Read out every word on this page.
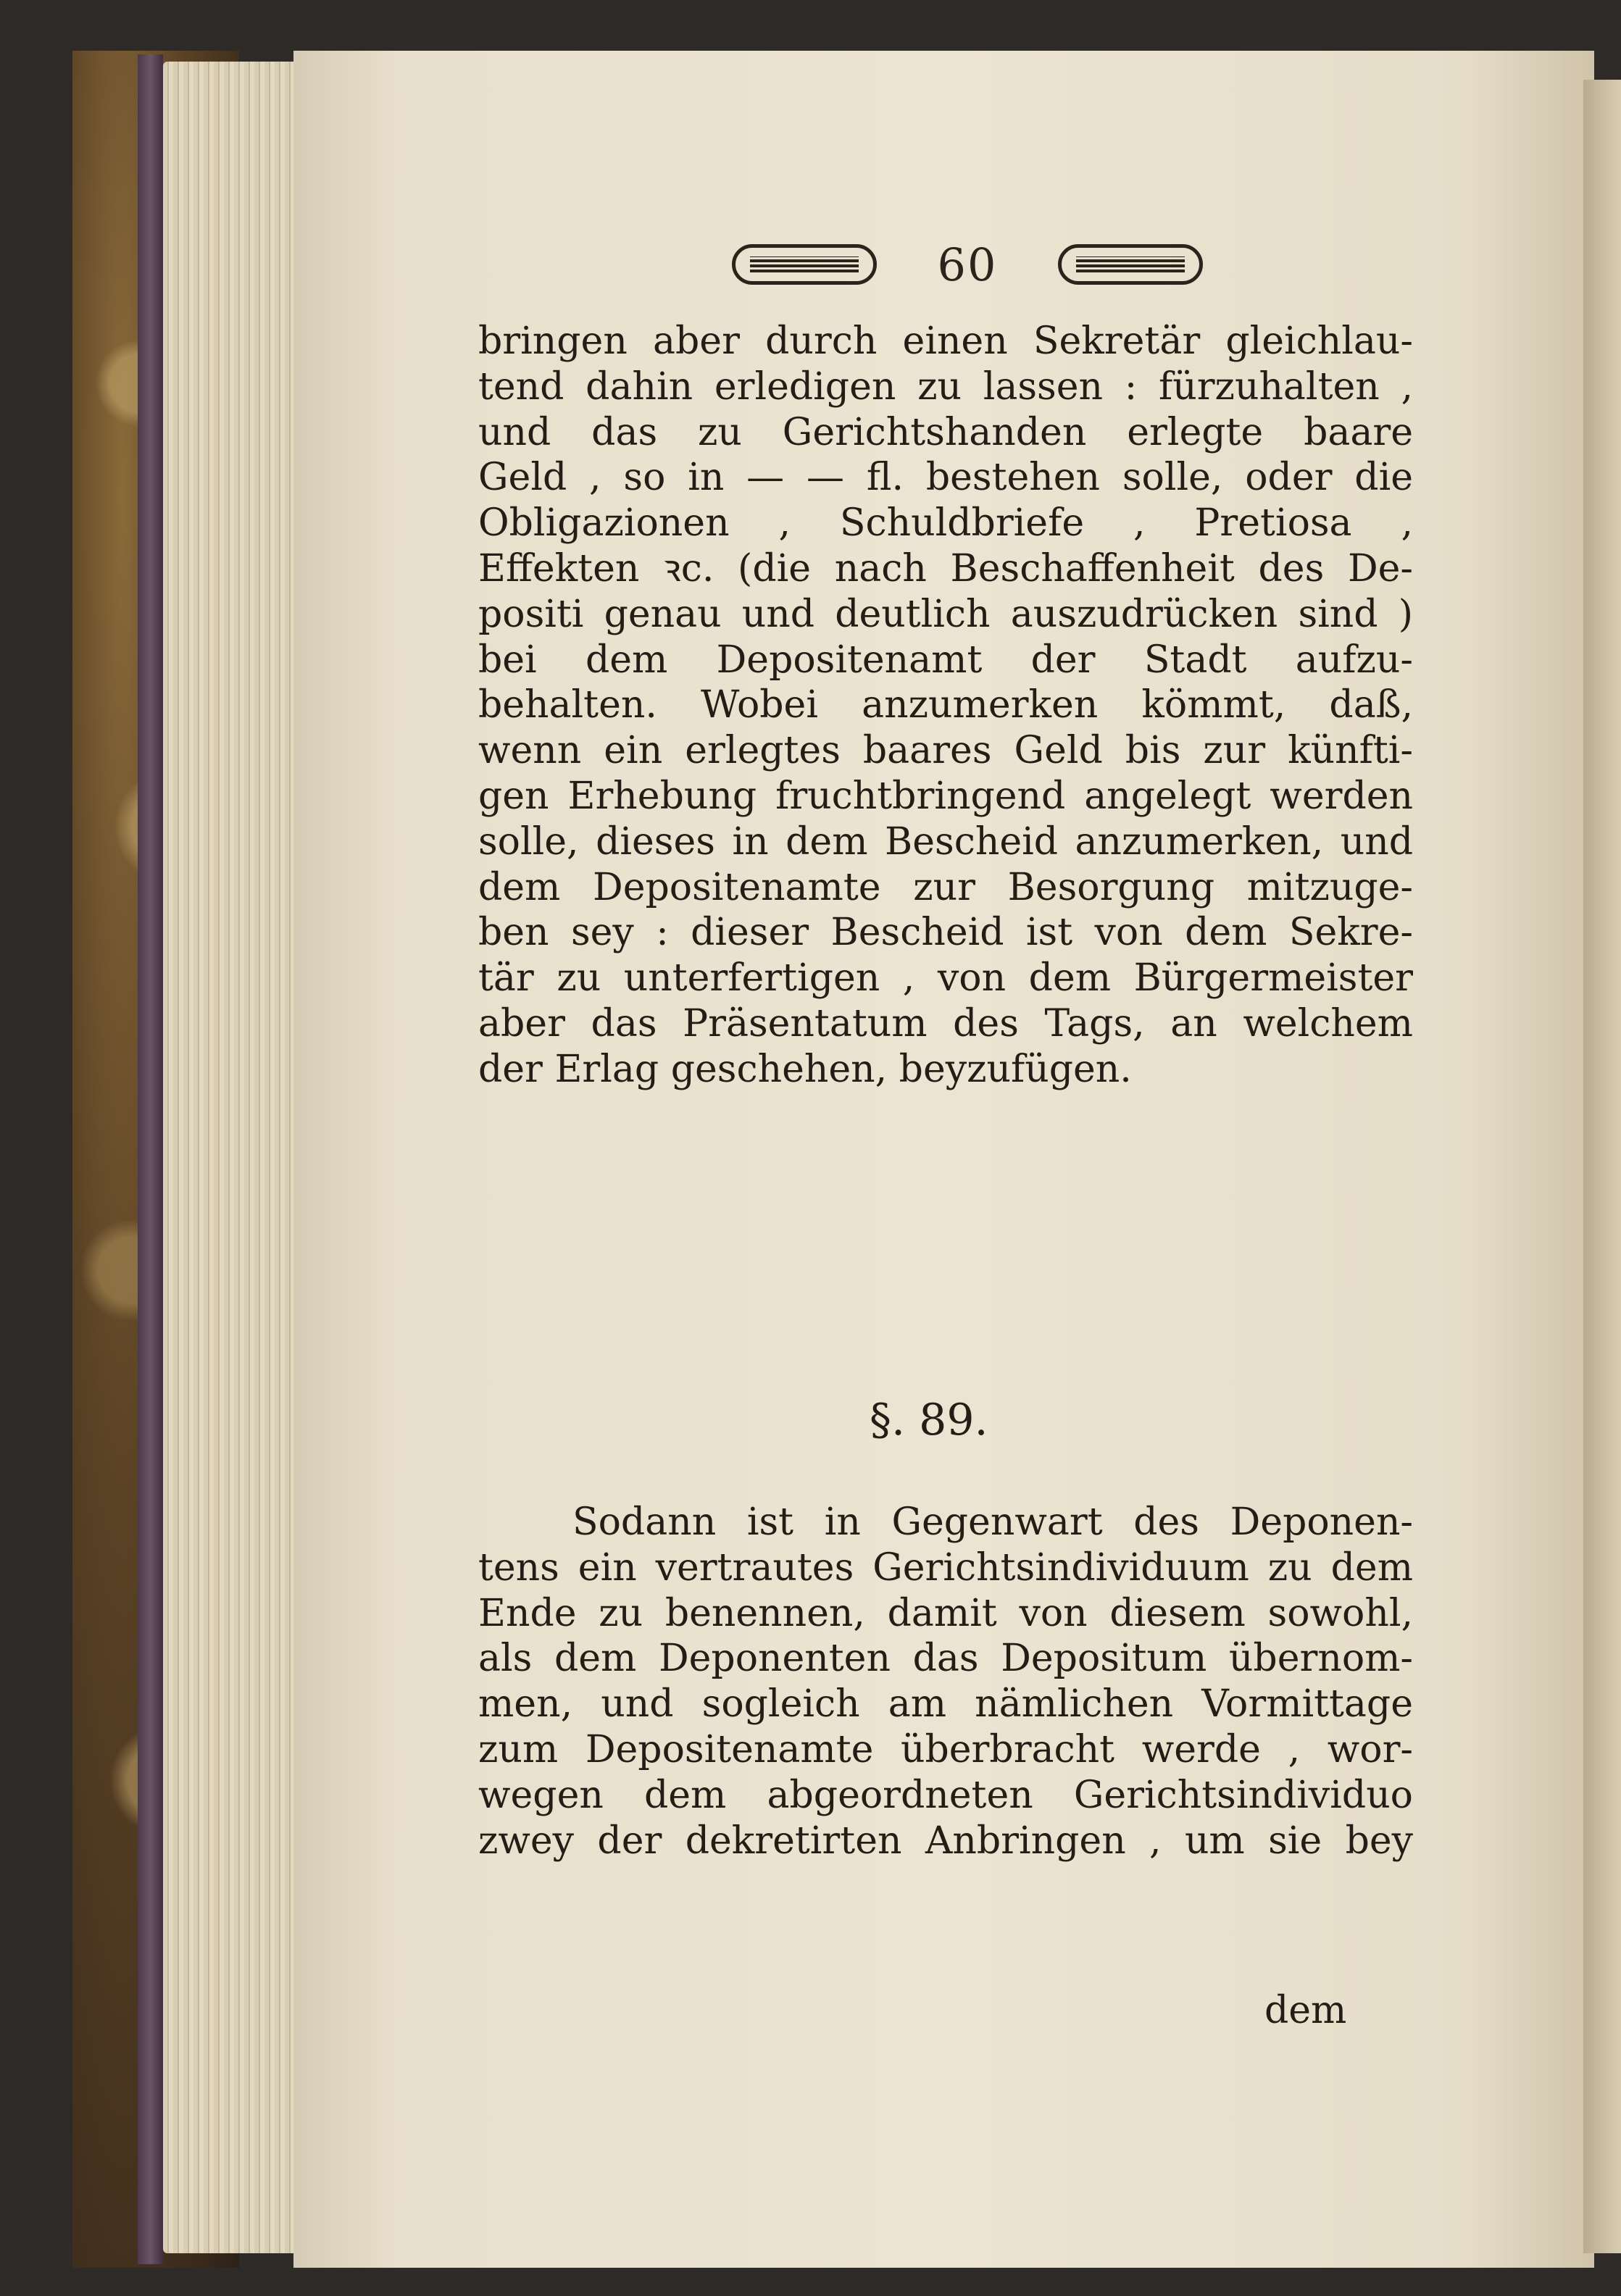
60
bringen aber durch einen Sekretär gleichlau-
tend dahin erledigen zu lassen : fürzuhalten ,
und das zu Gerichtshanden erlegte baare
Geld , so in — — fl. bestehen solle, oder die
Obligazionen , Schuldbriefe , Pretiosa ,
Effekten ꝛc. (die nach Beschaffenheit des De-
positi genau und deutlich auszudrücken sind )
bei dem Depositenamt der Stadt aufzu-
behalten. Wobei anzumerken kömmt, daß,
wenn ein erlegtes baares Geld bis zur künfti-
gen Erhebung fruchtbringend angelegt werden
solle, dieses in dem Bescheid anzumerken, und
dem Depositenamte zur Besorgung mitzuge-
ben sey : dieser Bescheid ist von dem Sekre-
tär zu unterfertigen , von dem Bürgermeister
aber das Präsentatum des Tags, an welchem
der Erlag geschehen, beyzufügen.
§. 89.
Sodann ist in Gegenwart des Deponen-
tens ein vertrautes Gerichtsindividuum zu dem
Ende zu benennen, damit von diesem sowohl,
als dem Deponenten das Depositum übernom-
men, und sogleich am nämlichen Vormittage
zum Depositenamte überbracht werde , wor-
wegen dem abgeordneten Gerichtsindividuo
zwey der dekretirten Anbringen , um sie bey
dem
